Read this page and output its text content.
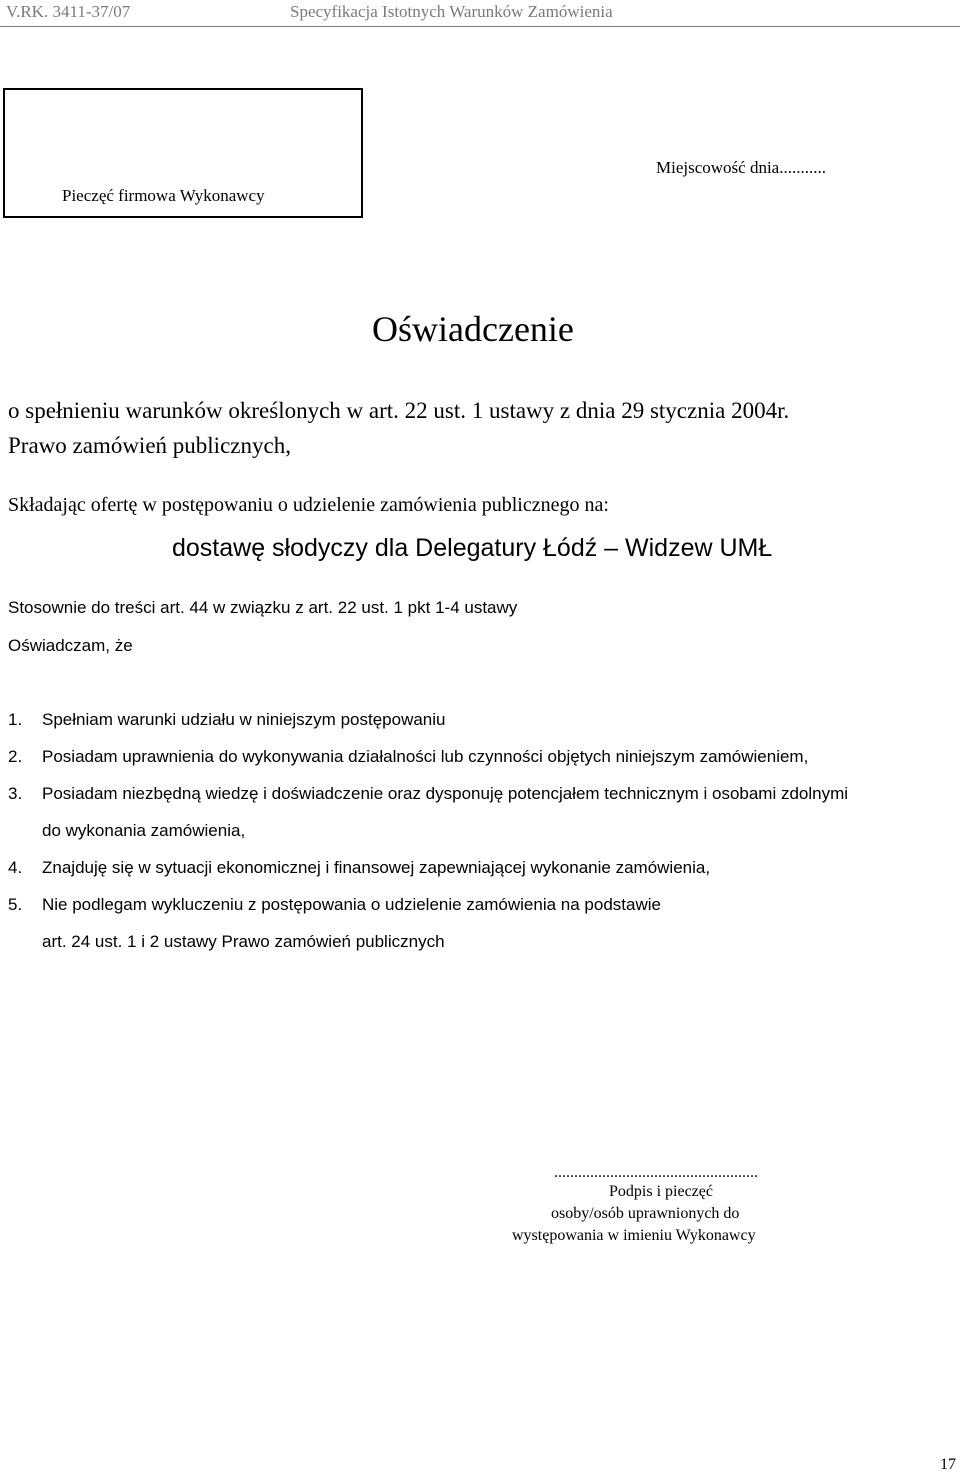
V.RK. 3411-37/07	Specyfikacja Istotnych Warunków Zamówienia
Pieczęć firmowa Wykonawcy
Miejscowość dnia...........
Oświadczenie
o spełnieniu warunków określonych w art. 22 ust. 1 ustawy z dnia 29 stycznia 2004r.
Prawo zamówień publicznych,
Składając ofertę w postępowaniu o udzielenie zamówienia publicznego na:
dostawę słodyczy dla Delegatury Łódź – Widzew UMŁ
Stosownie do treści art. 44 w związku z art. 22 ust. 1 pkt 1-4 ustawy
Oświadczam, że
1. Spełniam warunki udziału w niniejszym postępowaniu
2. Posiadam uprawnienia do wykonywania działalności lub czynności objętych niniejszym zamówieniem,
3. Posiadam niezbędną wiedzę i doświadczenie oraz dysponuję potencjałem technicznym i osobami zdolnymi
do wykonania zamówienia,
4. Znajduję się w sytuacji ekonomicznej i finansowej zapewniającej wykonanie zamówienia,
5. Nie podlegam wykluczeniu z postępowania o udzielenie zamówienia na podstawie
art. 24 ust. 1 i 2 ustawy Prawo zamówień publicznych
...................................................
Podpis i pieczęć
osoby/osób uprawnionych do
występowania w imieniu Wykonawcy
17
